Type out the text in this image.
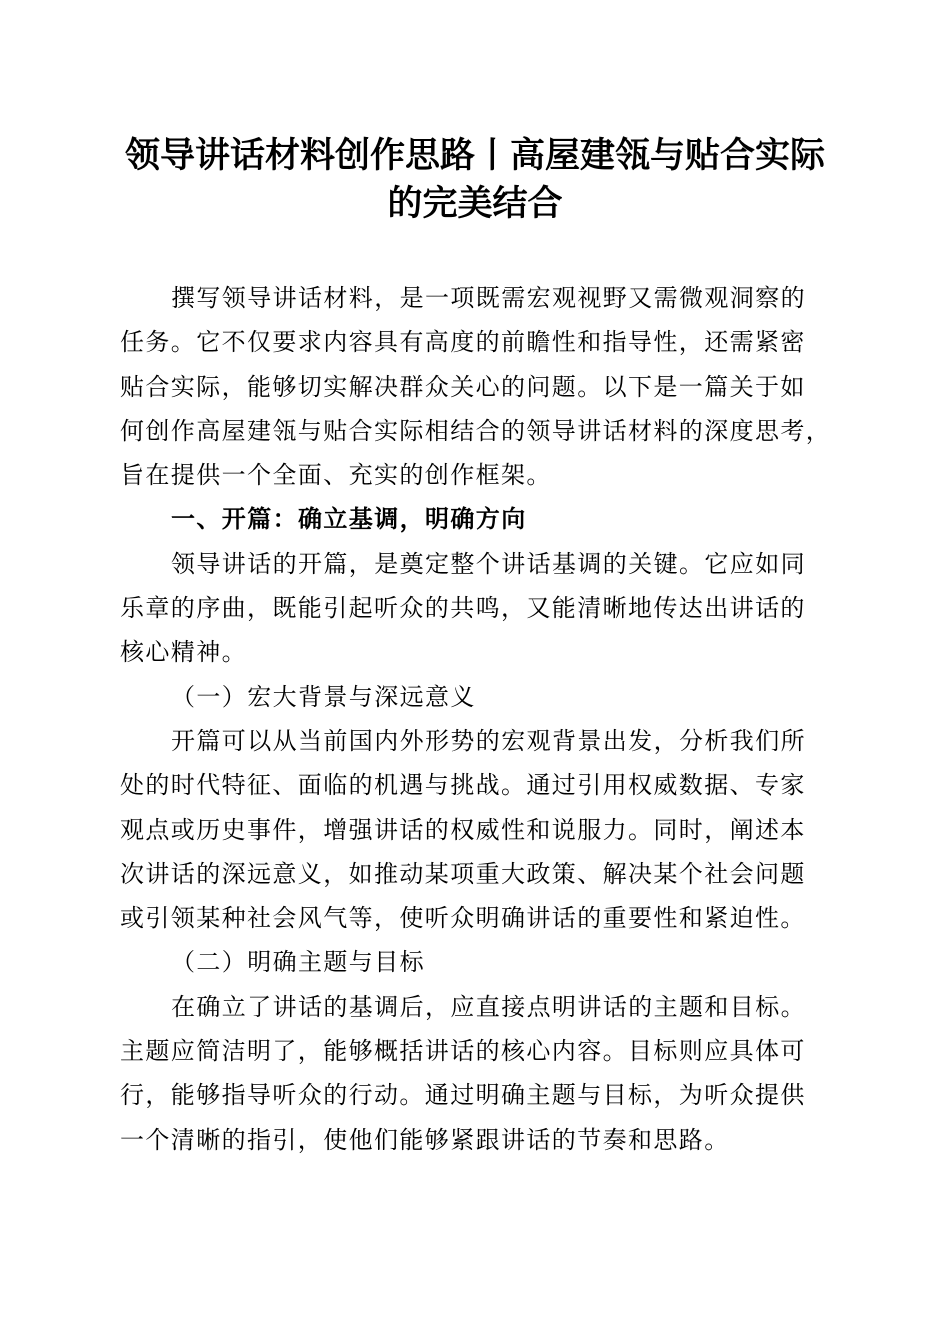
领导讲话材料创作思路丨高屋建瓴与贴合实际
的完美结合
撰写领导讲话材料，是一项既需宏观视野又需微观洞察的
任务。它不仅要求内容具有高度的前瞻性和指导性，还需紧密
贴合实际，能够切实解决群众关心的问题。以下是一篇关于如
何创作高屋建瓴与贴合实际相结合的领导讲话材料的深度思考，
旨在提供一个全面、充实的创作框架。
一、开篇：确立基调，明确方向
领导讲话的开篇，是奠定整个讲话基调的关键。它应如同
乐章的序曲，既能引起听众的共鸣，又能清晰地传达出讲话的
核心精神。
（一）宏大背景与深远意义
开篇可以从当前国内外形势的宏观背景出发，分析我们所
处的时代特征、面临的机遇与挑战。通过引用权威数据、专家
观点或历史事件，增强讲话的权威性和说服力。同时，阐述本
次讲话的深远意义，如推动某项重大政策、解决某个社会问题
或引领某种社会风气等，使听众明确讲话的重要性和紧迫性。
（二）明确主题与目标
在确立了讲话的基调后，应直接点明讲话的主题和目标。
主题应简洁明了，能够概括讲话的核心内容。目标则应具体可
行，能够指导听众的行动。通过明确主题与目标，为听众提供
一个清晰的指引，使他们能够紧跟讲话的节奏和思路。
